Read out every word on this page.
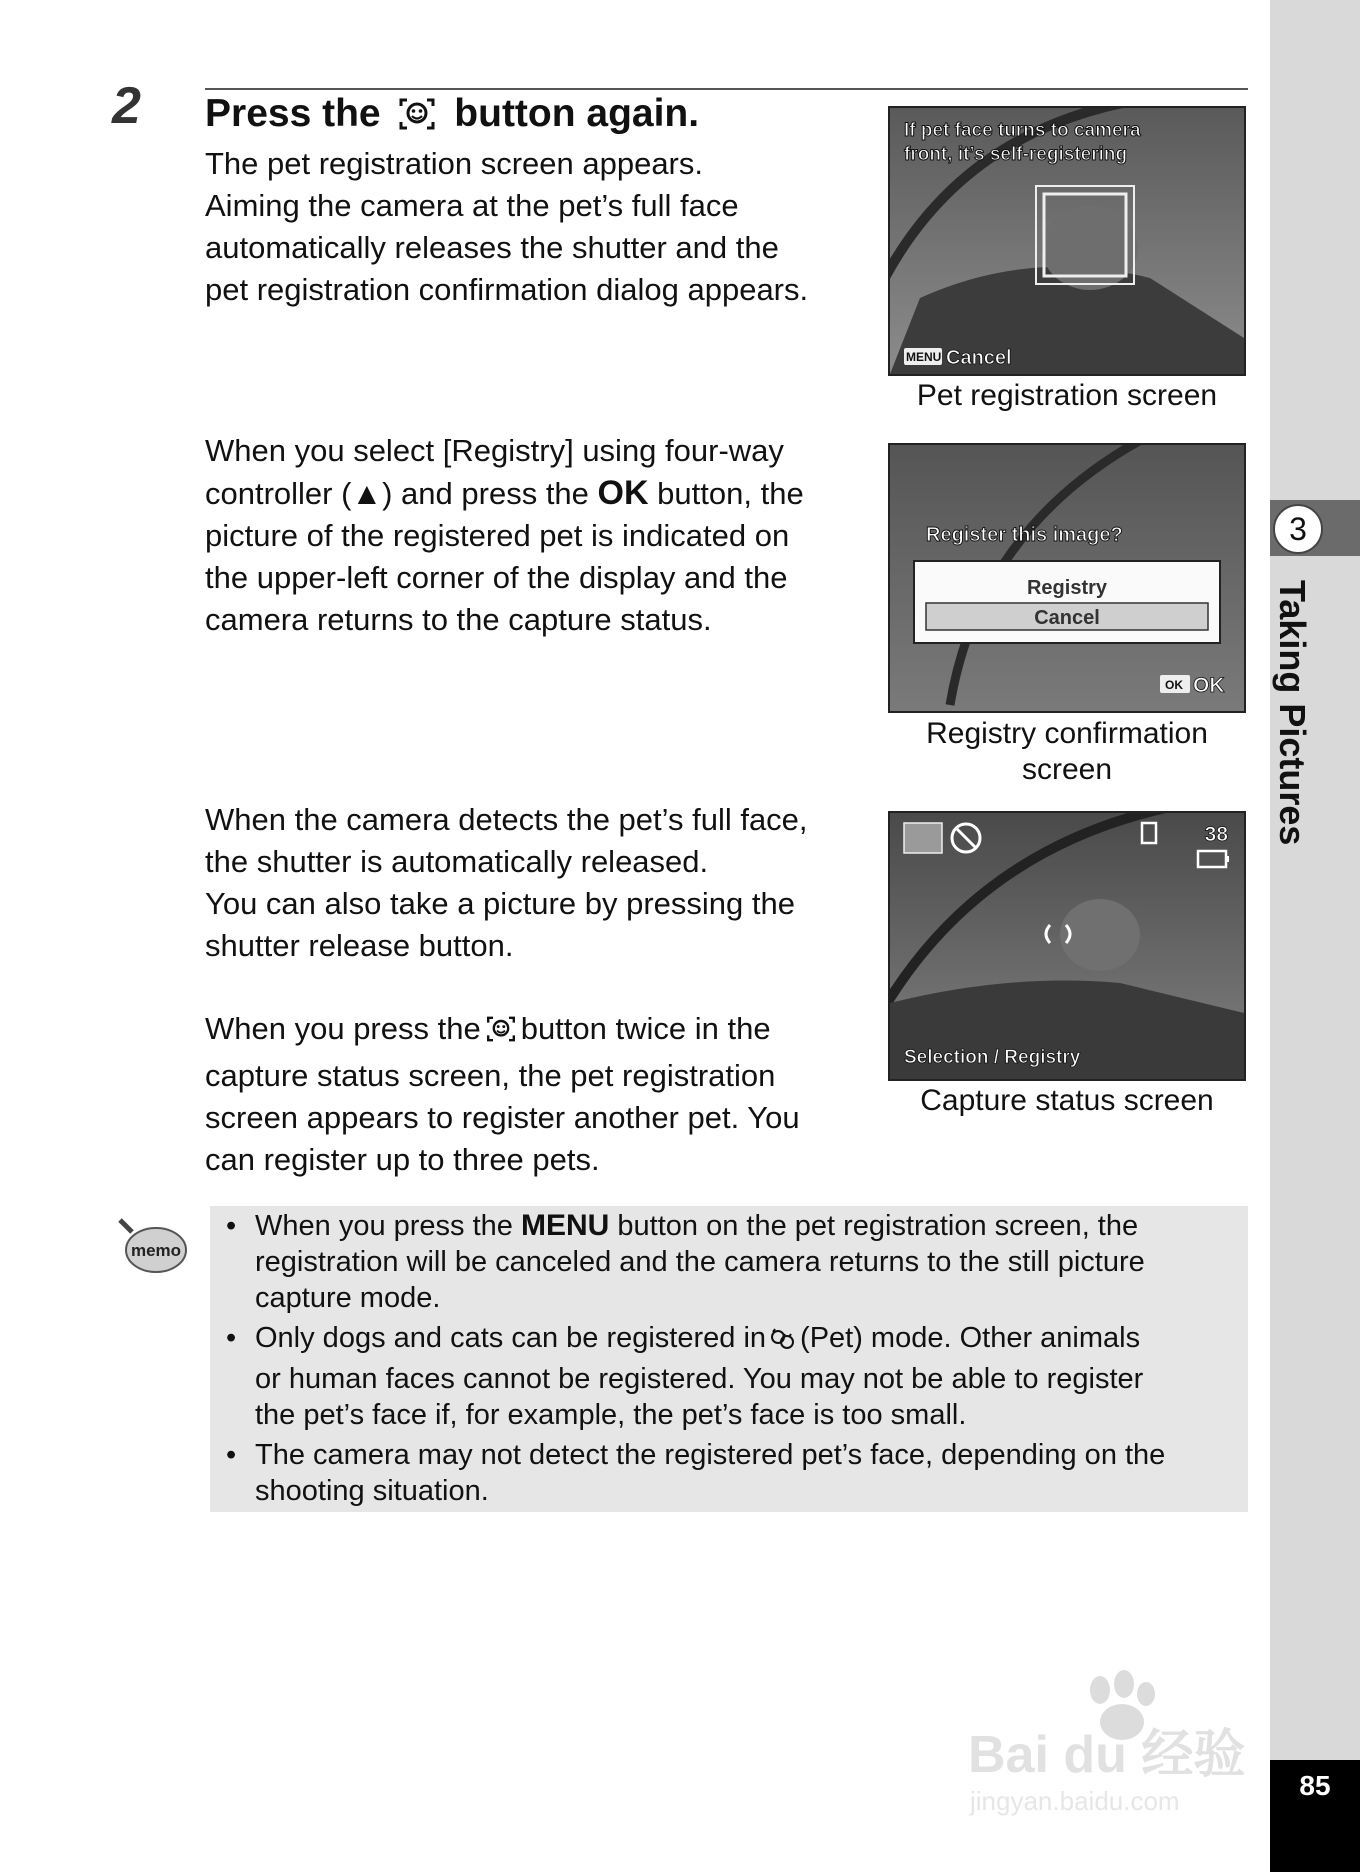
2 Press the button again.
The pet registration screen appears.
Aiming the camera at the pet’s full face
automatically releases the shutter and the
pet registration confirmation dialog appears.
When you select [Registry] using four-way
controller (▲) and press the OK button, the
picture of the registered pet is indicated on
the upper-left corner of the display and the
camera returns to the capture status.
When the camera detects the pet’s full face,
the shutter is automatically released.
You can also take a picture by pressing the
shutter release button.
When you press the button twice in the
capture status screen, the pet registration
screen appears to register another pet. You
can register up to three pets.
If pet face turns to camera
front, it’s self-registering
MENU Cancel
Pet registration screen
Register this image?
Registry
Cancel
OK OK
Registry confirmation
screen
38
Selection / Registry
Capture status screen
memo
• When you press the MENU button on the pet registration screen, the
registration will be canceled and the camera returns to the still picture
capture mode.
• Only dogs and cats can be registered in (Pet) mode. Other animals
or human faces cannot be registered. You may not be able to register
the pet’s face if, for example, the pet’s face is too small.
• The camera may not detect the registered pet’s face, depending on the
shooting situation.
3
Taking Pictures
85
Bai du 经验
jingyan.baidu.com
